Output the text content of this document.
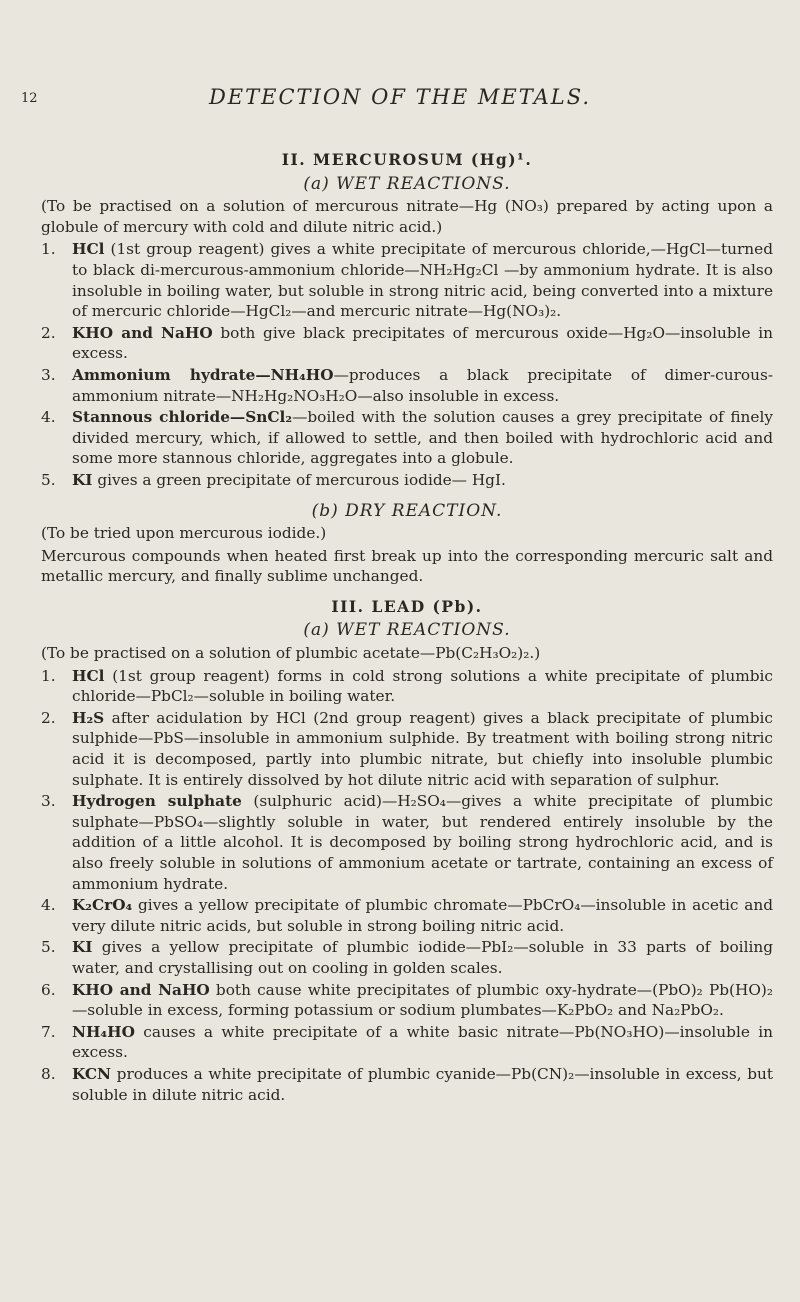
12	DETECTION OF THE METALS.

II. MERCUROSUM (Hg)¹.

(a) WET REACTIONS.

(To be practised on a solution of mercurous nitrate—Hg (NO₃) prepared by acting upon a globule of mercury with cold and dilute nitric acid.)

1.	HCl (1st group reagent) gives a white precipitate of mercurous chloride,—HgCl—turned to black di-mercurous-ammonium chloride—NH₂Hg₂Cl —by ammonium hydrate. It is also insoluble in boiling water, but soluble in strong nitric acid, being converted into a mixture of mercuric chloride—HgCl₂—and mercuric nitrate—Hg(NO₃)₂.
2.	KHO and NaHO both give black precipitates of mercurous oxide—Hg₂O—insoluble in excess.
3.	Ammonium hydrate—NH₄HO—produces a black precipitate of dimer-curous-ammonium nitrate—NH₂Hg₂NO₃H₂O—also insoluble in excess.
4.	Stannous chloride—SnCl₂—boiled with the solution causes a grey precipitate of finely divided mercury, which, if allowed to settle, and then boiled with hydrochloric acid and some more stannous chloride, aggregates into a globule.
5.	KI gives a green precipitate of mercurous iodide— HgI.

(b) DRY REACTION.

(To be tried upon mercurous iodide.)

Mercurous compounds when heated first break up into the corresponding mercuric salt and metallic mercury, and finally sublime unchanged.

III. LEAD (Pb).

(a) WET REACTIONS.

(To be practised on a solution of plumbic acetate—Pb(C₂H₃O₂)₂.)

1.	HCl (1st group reagent) forms in cold strong solutions a white precipitate of plumbic chloride—PbCl₂—soluble in boiling water.
2.	H₂S after acidulation by HCl (2nd group reagent) gives a black precipitate of plumbic sulphide—PbS—insoluble in ammonium sulphide. By treatment with boiling strong nitric acid it is decomposed, partly into plumbic nitrate, but chiefly into insoluble plumbic sulphate. It is entirely dissolved by hot dilute nitric acid with separation of sulphur.
3.	Hydrogen sulphate (sulphuric acid)—H₂SO₄—gives a white precipitate of plumbic sulphate—PbSO₄—slightly soluble in water, but rendered entirely insoluble by the addition of a little alcohol. It is decomposed by boiling strong hydrochloric acid, and is also freely soluble in solutions of ammonium acetate or tartrate, containing an excess of ammonium hydrate.
4.	K₂CrO₄ gives a yellow precipitate of plumbic chromate—PbCrO₄—insoluble in acetic and very dilute nitric acids, but soluble in strong boiling nitric acid.
5.	KI gives a yellow precipitate of plumbic iodide—PbI₂—soluble in 33 parts of boiling water, and crystallising out on cooling in golden scales.
6.	KHO and NaHO both cause white precipitates of plumbic oxy-hydrate—(PbO)₂ Pb(HO)₂—soluble in excess, forming potassium or sodium plumbates—K₂PbO₂ and Na₂PbO₂.
7.	NH₄HO causes a white precipitate of a white basic nitrate—Pb(NO₃HO)—insoluble in excess.
8.	KCN produces a white precipitate of plumbic cyanide—Pb(CN)₂—insoluble in excess, but soluble in dilute nitric acid.
